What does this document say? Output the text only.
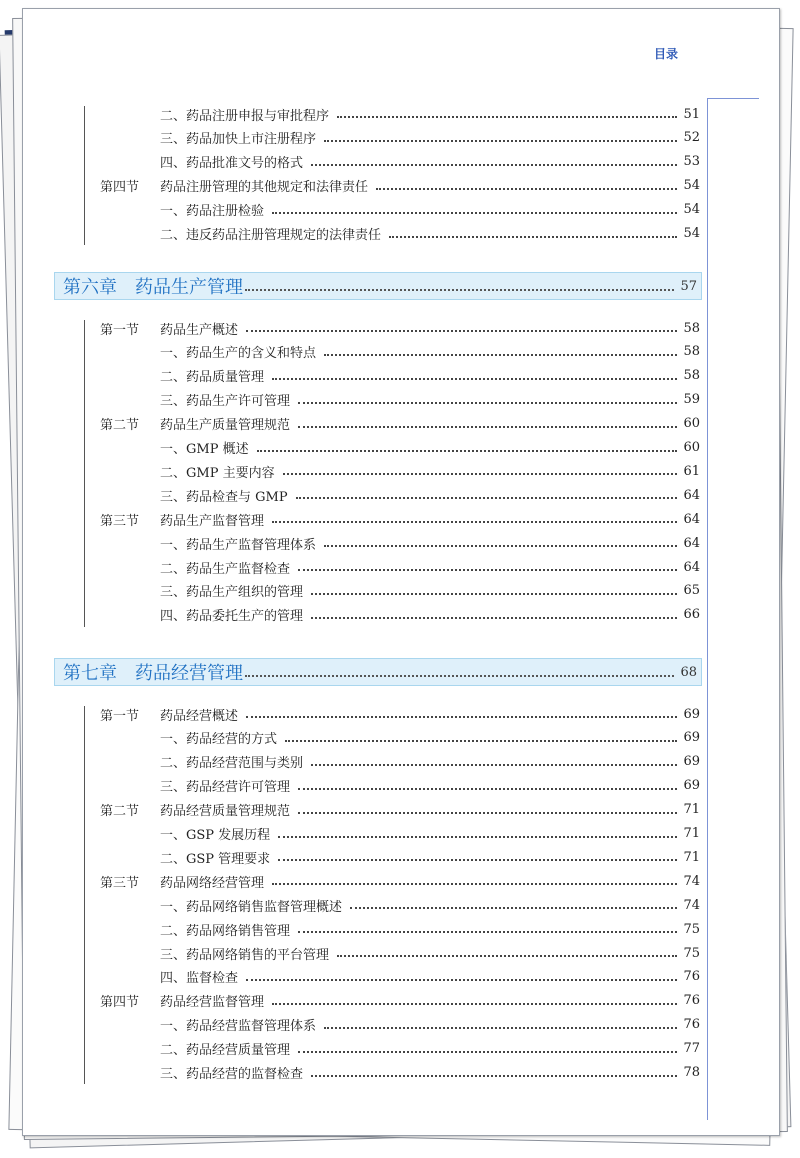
目录
二、药品注册申报与审批程序	51
三、药品加快上市注册程序	52
四、药品批准文号的格式	53
第四节	药品注册管理的其他规定和法律责任	54
一、药品注册检验	54
二、违反药品注册管理规定的法律责任	54
第六章 药品生产管理	57
第一节	药品生产概述	58
一、药品生产的含义和特点	58
二、药品质量管理	58
三、药品生产许可管理	59
第二节	药品生产质量管理规范	60
一、GMP 概述	60
二、GMP 主要内容	61
三、药品检查与 GMP	64
第三节	药品生产监督管理	64
一、药品生产监督管理体系	64
二、药品生产监督检查	64
三、药品生产组织的管理	65
四、药品委托生产的管理	66
第七章 药品经营管理	68
第一节	药品经营概述	69
一、药品经营的方式	69
二、药品经营范围与类别	69
三、药品经营许可管理	69
第二节	药品经营质量管理规范	71
一、GSP 发展历程	71
二、GSP 管理要求	71
第三节	药品网络经营管理	74
一、药品网络销售监督管理概述	74
二、药品网络销售管理	75
三、药品网络销售的平台管理	75
四、监督检查	76
第四节	药品经营监督管理	76
一、药品经营监督管理体系	76
二、药品经营质量管理	77
三、药品经营的监督检查	78
